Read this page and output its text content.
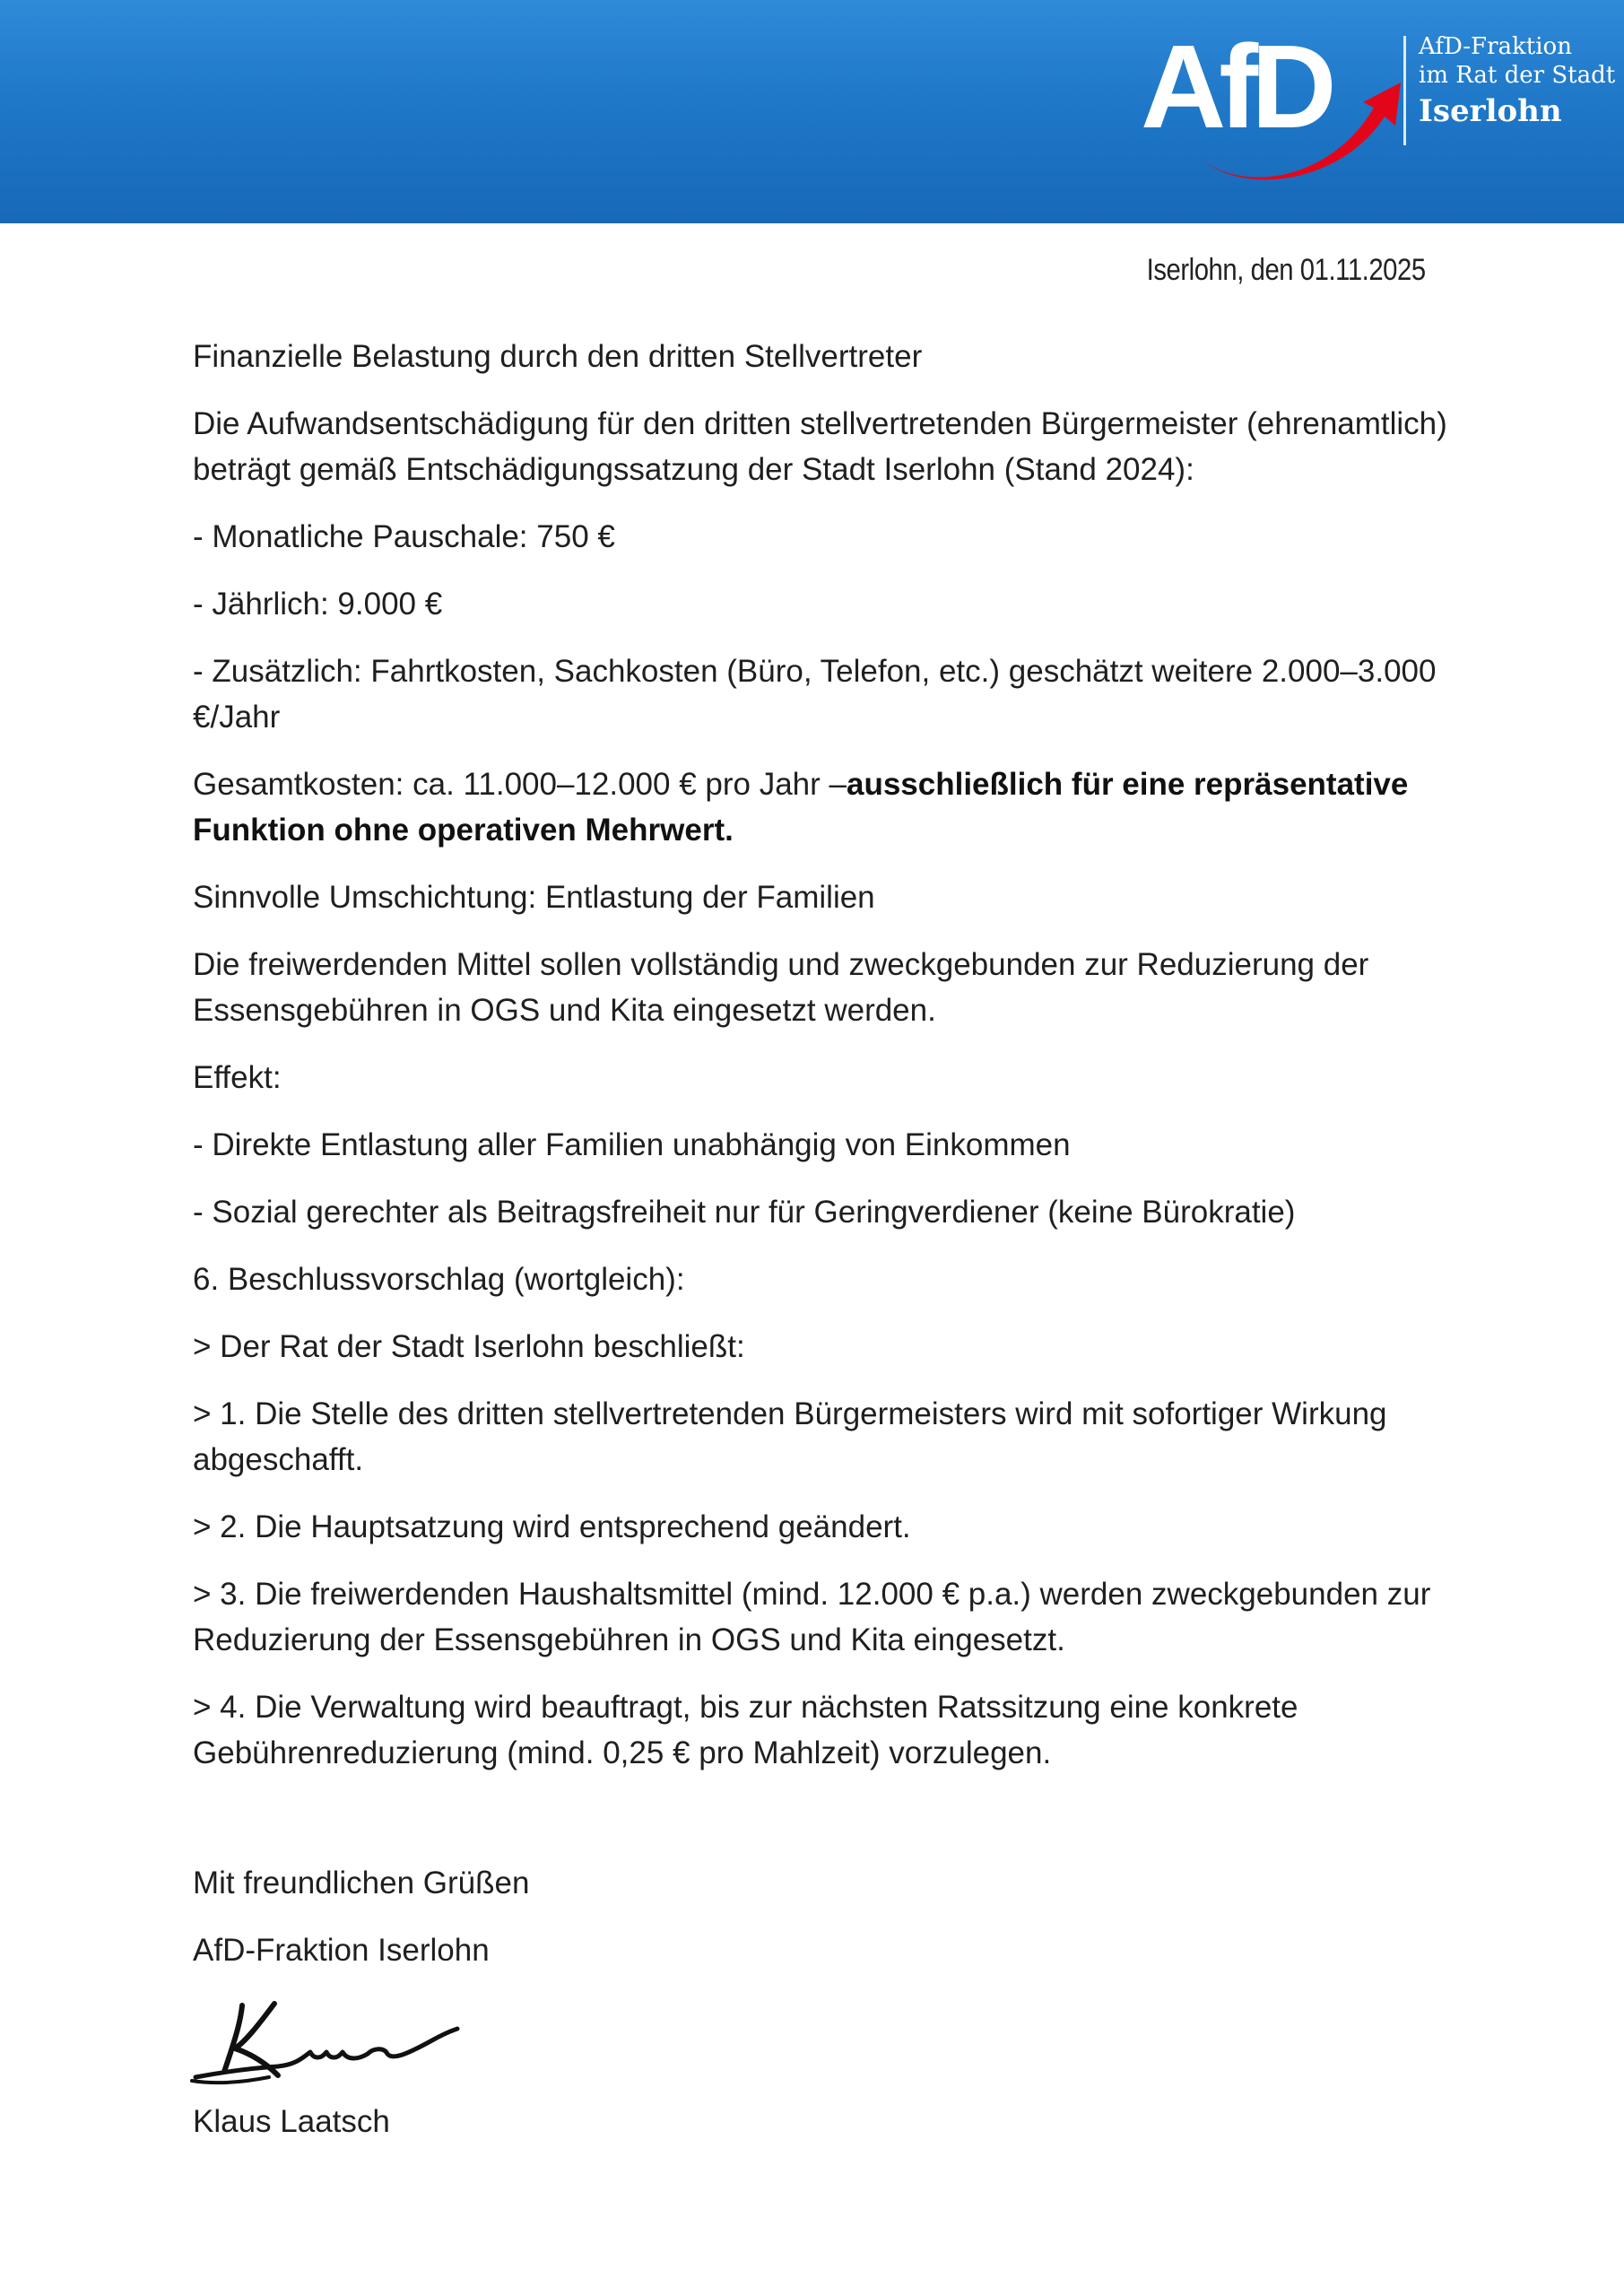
AfD	AfD-Fraktion
im Rat der Stadt
Iserlohn
Iserlohn, den 01.11.2025

Finanzielle Belastung durch den dritten Stellvertreter

Die Aufwandsentschädigung für den dritten stellvertretenden Bürgermeister (ehrenamtlich) beträgt gemäß Entschädigungssatzung der Stadt Iserlohn (Stand 2024):

- Monatliche Pauschale: 750 €

- Jährlich: 9.000 €

- Zusätzlich: Fahrtkosten, Sachkosten (Büro, Telefon, etc.) geschätzt weitere 2.000–3.000 €/Jahr

Gesamtkosten: ca. 11.000–12.000 € pro Jahr –ausschließlich für eine repräsentative Funktion ohne operativen Mehrwert.

Sinnvolle Umschichtung: Entlastung der Familien

Die freiwerdenden Mittel sollen vollständig und zweckgebunden zur Reduzierung der Essensgebühren in OGS und Kita eingesetzt werden.

Effekt:

- Direkte Entlastung aller Familien unabhängig von Einkommen

- Sozial gerechter als Beitragsfreiheit nur für Geringverdiener (keine Bürokratie)

6. Beschlussvorschlag (wortgleich):

> Der Rat der Stadt Iserlohn beschließt:

> 1. Die Stelle des dritten stellvertretenden Bürgermeisters wird mit sofortiger Wirkung abgeschafft.

> 2. Die Hauptsatzung wird entsprechend geändert.

> 3. Die freiwerdenden Haushaltsmittel (mind. 12.000 € p.a.) werden zweckgebunden zur Reduzierung der Essensgebühren in OGS und Kita eingesetzt.

> 4. Die Verwaltung wird beauftragt, bis zur nächsten Ratssitzung eine konkrete Gebührenreduzierung (mind. 0,25 € pro Mahlzeit) vorzulegen.

Mit freundlichen Grüßen

AfD-Fraktion Iserlohn

Klaus Laatsch
